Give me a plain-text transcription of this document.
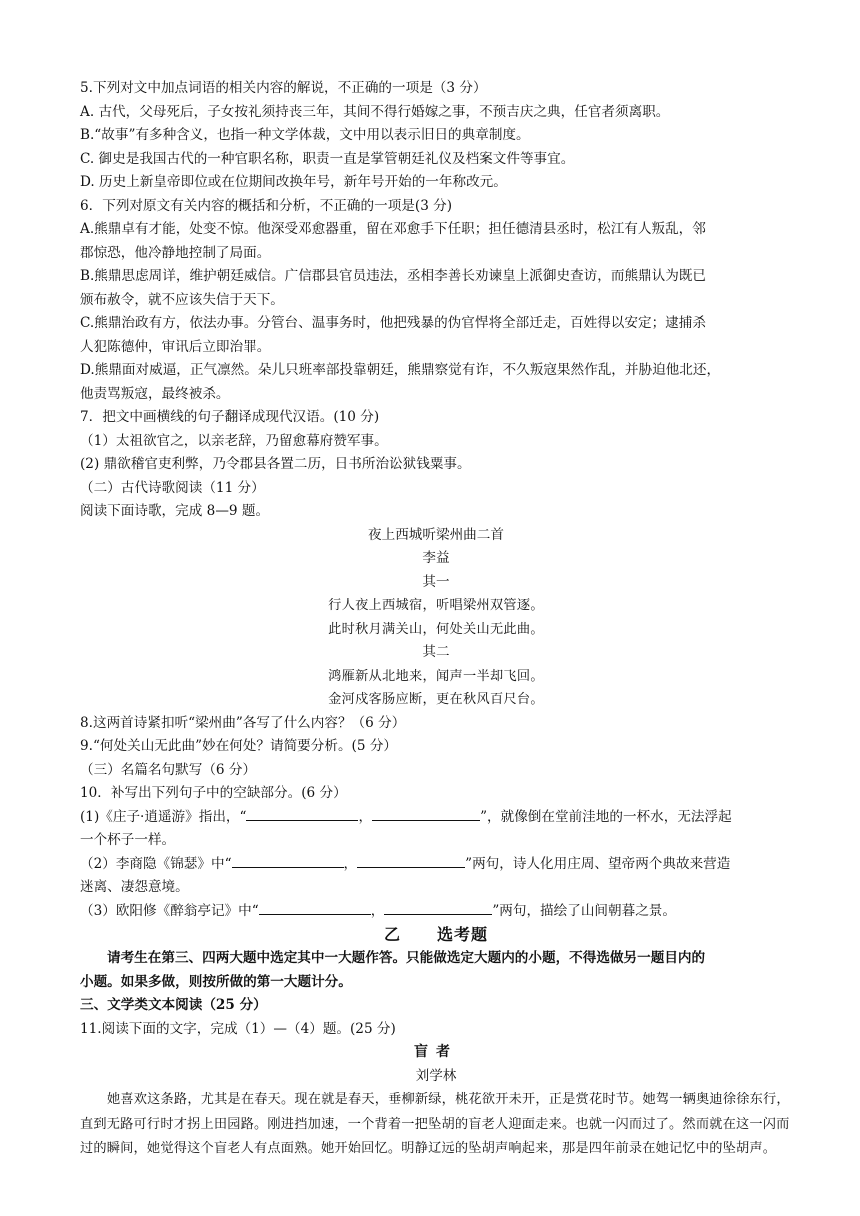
5.下列对文中加点词语的相关内容的解说，不正确的一项是（3 分）
A. 古代，父母死后，子女按礼须持丧三年，其间不得行婚嫁之事，不预吉庆之典，任官者须离职。
B.“故事”有多种含义，也指一种文学体裁，文中用以表示旧日的典章制度。
C. 御史是我国古代的一种官职名称，职责一直是掌管朝廷礼仪及档案文件等事宜。
D. 历史上新皇帝即位或在位期间改换年号，新年号开始的一年称改元。
6．下列对原文有关内容的概括和分析，不正确的一项是(3 分)
A.熊鼎卓有才能，处变不惊。他深受邓愈器重，留在邓愈手下任职；担任德清县丞时，松江有人叛乱，邻
郡惊恐，他冷静地控制了局面。
B.熊鼎思虑周详，维护朝廷威信。广信郡县官员违法，丞相李善长劝谏皇上派御史查访，而熊鼎认为既已
颁布赦令，就不应该失信于天下。
C.熊鼎治政有方，依法办事。分管台、温事务时，他把残暴的伪官悍将全部迁走，百姓得以安定；逮捕杀
人犯陈德仲，审讯后立即治罪。
D.熊鼎面对威逼，正气凛然。朵儿只班率部投靠朝廷，熊鼎察觉有诈，不久叛寇果然作乱，并胁迫他北还，
他责骂叛寇，最终被杀。
7．把文中画横线的句子翻译成现代汉语。(10 分)
（1）太祖欲官之，以亲老辞，乃留愈幕府赞军事。
(2) 鼎欲稽官吏利弊，乃令郡县各置二历，日书所治讼狱钱粟事。
（二）古代诗歌阅读（11 分）
阅读下面诗歌，完成 8—9 题。
夜上西城听梁州曲二首
李益
其一
行人夜上西城宿，听唱梁州双管逐。
此时秋月满关山，何处关山无此曲。
其二
鸿雁新从北地来，闻声一半却飞回。
金河戍客肠应断，更在秋风百尺台。
8.这两首诗紧扣听“梁州曲”各写了什么内容？（6 分）
9.“何处关山无此曲”妙在何处？请简要分析。(5 分）
（三）名篇名句默写（6 分）
10．补写出下列句子中的空缺部分。(6 分）
(1)《庄子·逍遥游》指出，“	，	”，就像倒在堂前洼地的一杯水，无法浮起
一个杯子一样。
（2）李商隐《锦瑟》中“	，	”两句，诗人化用庄周、望帝两个典故来营造
迷离、凄怨意境。
（3）欧阳修《醉翁亭记》中“	，	”两句，描绘了山间朝暮之景。
乙 选考题
请考生在第三、四两大题中选定其中一大题作答。只能做选定大题内的小题，不得选做另一题目内的
小题。如果多做，则按所做的第一大题计分。
三、文学类文本阅读（25 分）
11.阅读下面的文字，完成（1）—（4）题。(25 分)
盲者
刘学林
她喜欢这条路，尤其是在春天。现在就是春天，垂柳新绿，桃花欲开未开，正是赏花时节。她驾一辆奥迪徐徐东行，直到无路可行时才拐上田园路。刚进挡加速，一个背着一把坠胡的盲老人迎面走来。也就一闪而过了。然而就在这一闪而过的瞬间，她觉得这个盲老人有点面熟。她开始回忆。明静辽远的坠胡声响起来，那是四年前录在她记忆中的坠胡声。
